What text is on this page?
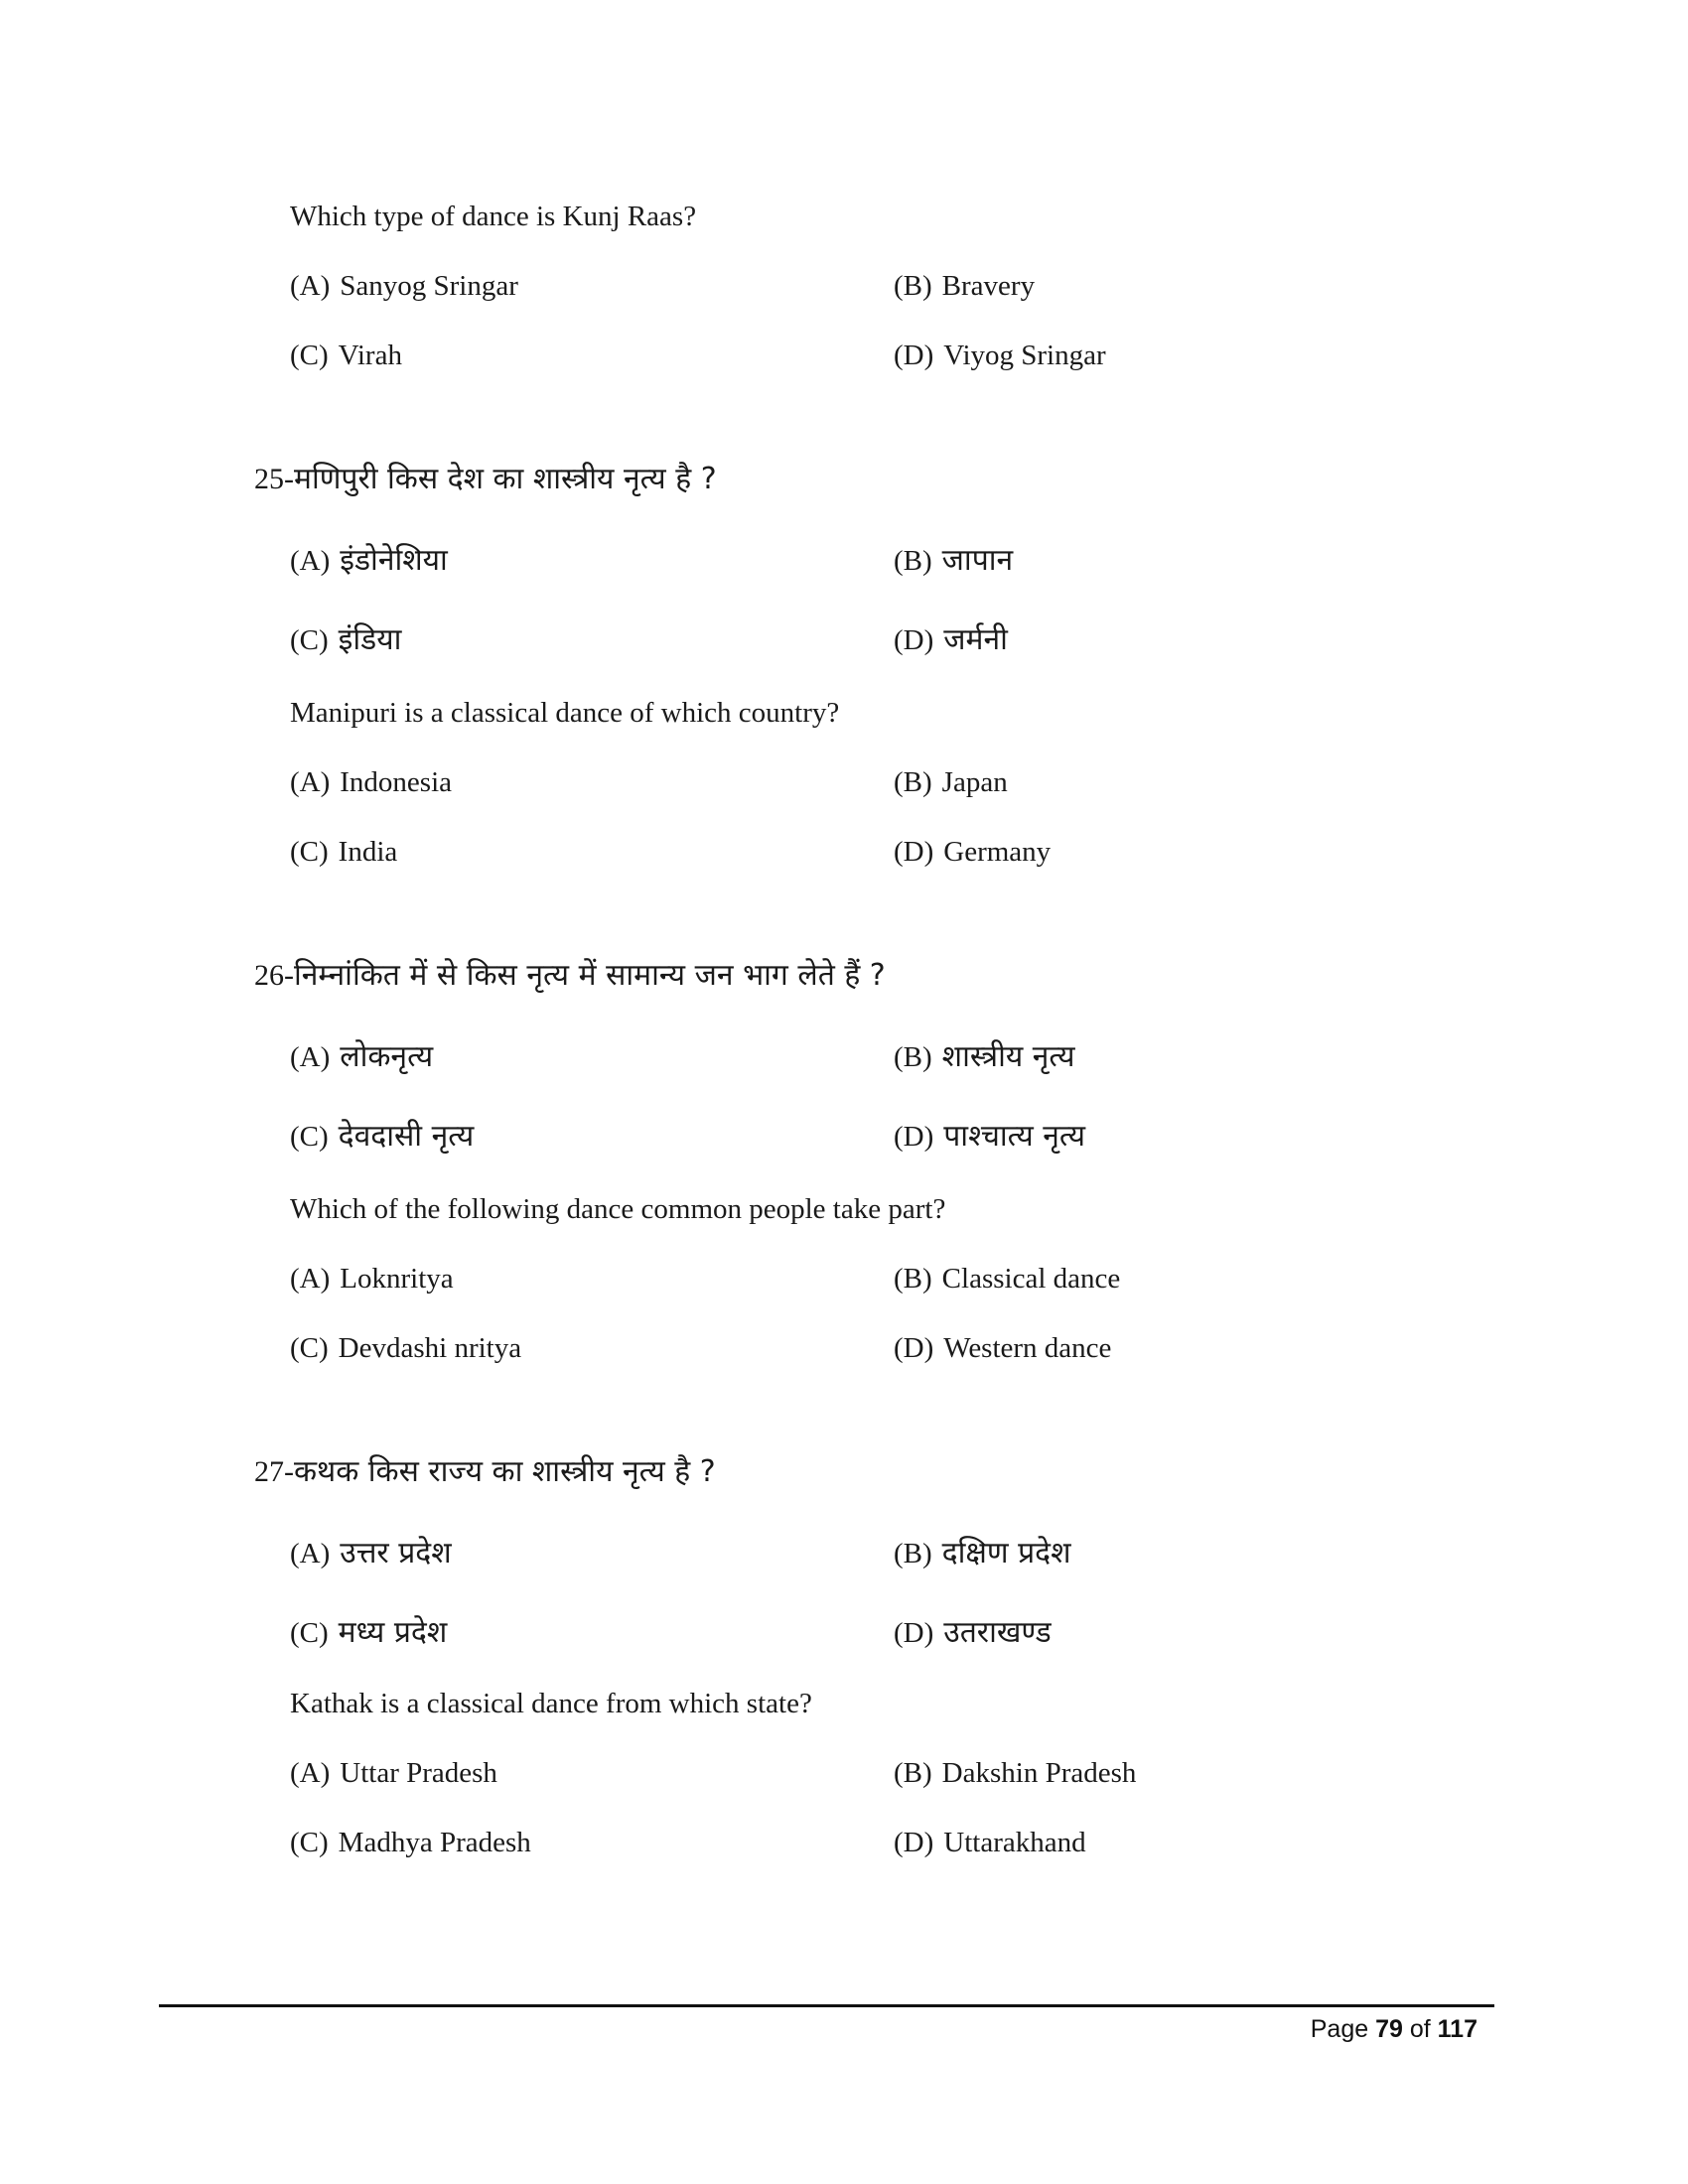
Which type of dance is Kunj Raas?
(A) Sanyog Sringar	(B) Bravery
(C) Virah	(D) Viyog Sringar
25-मणिपुरी किस देश का शास्त्रीय नृत्य है ?
(A) इंडोनेशिया	(B) जापान
(C) इंडिया	(D) जर्मनी
Manipuri is a classical dance of which country?
(A) Indonesia	(B) Japan
(C) India	(D) Germany
26-निम्नांकित में से किस नृत्य में सामान्य जन भाग लेते हैं ?
(A) लोकनृत्य	(B) शास्त्रीय नृत्य
(C) देवदासी नृत्य	(D) पाश्चात्य नृत्य
Which of the following dance common people take part?
(A) Loknritya	(B) Classical dance
(C) Devdashi nritya	(D) Western dance
27-कथक किस राज्य का शास्त्रीय नृत्य है ?
(A) उत्तर प्रदेश	(B) दक्षिण प्रदेश
(C) मध्य प्रदेश	(D) उतराखण्ड
Kathak is a classical dance from which state?
(A) Uttar Pradesh	(B) Dakshin Pradesh
(C) Madhya Pradesh	(D) Uttarakhand
Page 79 of 117
